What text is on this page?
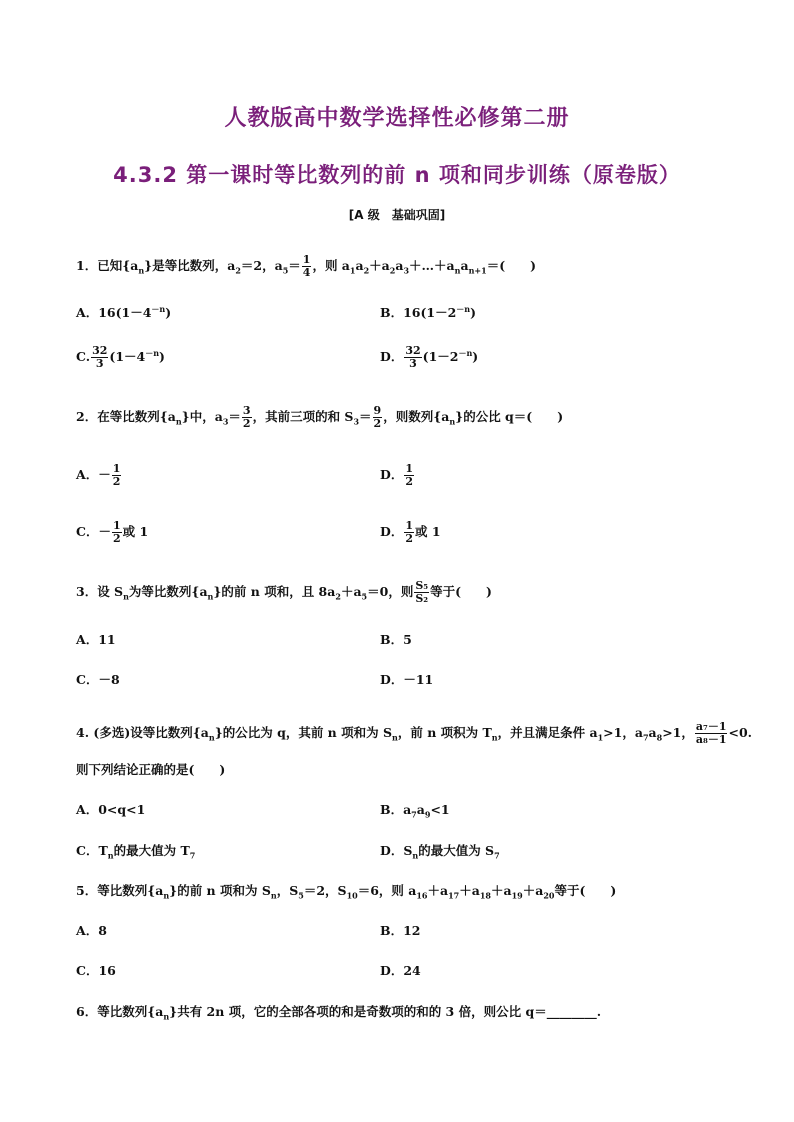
人教版高中数学选择性必修第二册
4.3.2 第一课时等比数列的前 n 项和同步训练（原卷版）
[A 级　基础巩固]
1．已知$\{a_n\}$是等比数列，$a_2=2$，$a_5= \frac{1}{4}$ ，则 $a_1a_2+a_2a_3+\dots+a_na_{n+1}=$(　　)
A．$16(1-4^{-n})$	B．$16(1-2^{-n})$
C. $\frac{32}{3} (1-4^{-n})$	D． $\frac{32}{3} (1-2^{-n})$
2．在等比数列$\{a_n\}$中，$a_3= \frac{3}{2}$ ，其前三项的和 $S_3= \frac{9}{2}$ ，则数列$\{a_n\}$的公比 q＝(　　)
A．－ $\frac{1}{2}$	D． $\frac{1}{2}$
C．－ $\frac{1}{2}$ 或 1	D． $\frac{1}{2}$ 或 1
3．设 $S_n$为等比数列$\{a_n\}$的前 n 项和，且 $8a_2+a_5=0$，则 $\frac{\text{S₅}}{\text{S₂}}$ 等于(　　)
A．11	B．5
C．－8	D．－11
4. (多选)设等比数列$\{a_n\}$的公比为 q，其前 n 项和为 $S_n$，前 n 项积为 $T_n$，并且满足条件 $a_1>1$，$a_7a_8>1$， $\frac{\text{a₇－1}}{\text{a₈－1}} <0$.
则下列结论正确的是(　　)
A．0<q<1	B．$a_7a_9<1$
C．$T_n$的最大值为 $T_7$	D．$S_n$的最大值为 $S_7$
5．等比数列$\{a_n\}$的前 n 项和为 $S_n$，$S_5=2$，$S_{10}=6$，则 $a_{16}+a_{17}+a_{18}+a_{19}+a_{20}$等于(　　)
A．8	B．12
C．16	D．24
6．等比数列$\{a_n\}$共有 2n 项，它的全部各项的和是奇数项的和的 3 倍，则公比 q＝________.
